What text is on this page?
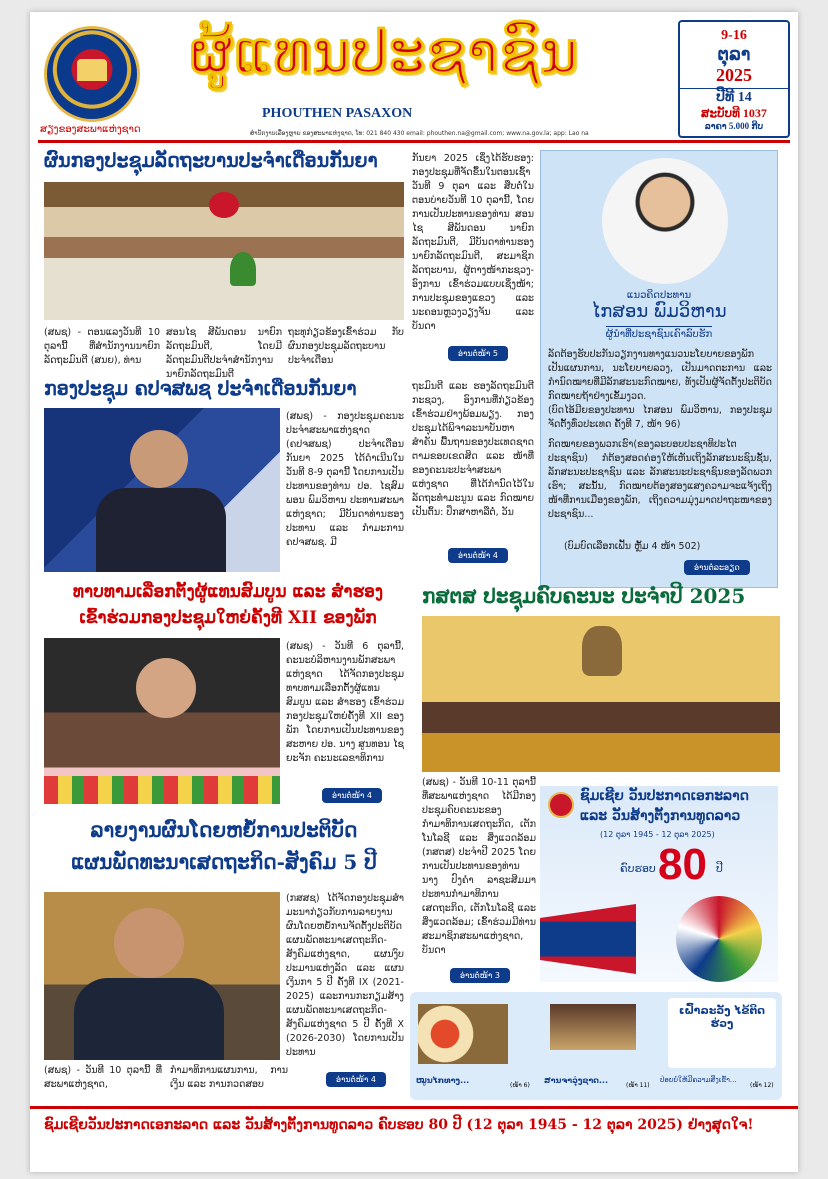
ສຽງຂອງສະພາແຫ່ງຊາດ
ຜູ້ແທນປະຊາຊົນ
PHOUTHEN PASAXON
ສຳນັກງານເລື່ອງຫຼາຍ ຂອງສະພາແຫ່ງຊາດ, ໂທ: 021 840 430 email: phouthen.na@gmail.com; www.na.gov.la; app: Lao na
9-16
ຕຸລາ
2025
ປີທີ 14
ສະບັບທີ 1037
ລາຄາ 5.000 ກີບ
ຜົນກອງປະຊຸມລັດຖະບານປະຈຳເດືອນກັນຍາ
(ສພຊ) - ຕອນແລງວັນທີ 10 ຕຸລານີ້ ທີ່ສຳນັກງານນາຍົກລັດຖະມົນຕີ (ສນຍ), ທ່ານ
ສອນໄຊ ສີພັນດອນ ນາຍົກລັດຖະມົນຕີ, ໂດຍມີລັດຖະມົນຕີປະຈຳສຳນັກງານນາຍົກລັດຖະມົນຕີ
ຖະທຸກ່ຽວຂ້ອງເຂົ້າຮ່ວມ ກັບຜົນກອງປະຊຸມລັດຖະບານ ປະຈຳເດືອນ
ກັນຍາ 2025 ເຊິ່ງໄດ້ຮັບຮອງ: ກອງປະຊຸມທີ່ຈັດຂຶ້ນໃນຕອນເຊົ້າວັນທີ 9 ຕຸລາ ແລະ ສືບຕໍ່ໃນຕອນບ່າຍວັນທີ 10 ຕຸລານີ້, ໂດຍການເປັນປະທານຂອງທ່ານ ສອນໄຊ ສີພັນດອນ ນາຍົກລັດຖະມົນຕີ, ມີບັນດາທ່ານຮອງນາຍົກລັດຖະມົນຕີ, ສະມາຊິກລັດຖະບານ, ຜູ້ຕາງໜ້າກະຊວງ-ອົງການ ເຂົ້າຮ່ວມແບບເຊິ່ງໜ້າ; ການປະຊຸມຂອງແຂວງ ແລະ ນະຄອນຫຼວງວຽງຈັນ ແລະ ບັນດາ
ອ່ານຕໍ່ໜ້າ 5
ກອງປະຊຸມ ຄປຈສພຊ ປະຈຳເດືອນກັນຍາ
(ສພຊ) - ກອງປະຊຸມຄະນະປະຈຳສະພາແຫ່ງຊາດ (ຄປຈສພຊ) ປະຈຳເດືອນກັນຍາ 2025 ໄດ້ດຳເນີນໃນວັນທີ 8-9 ຕຸລານີ້ ໂດຍການເປັນປະທານຂອງທ່ານ ປອ. ໄຊສົມພອນ ພົມວິຫານ ປະທານສະພາແຫ່ງຊາດ; ມີບັນດາທ່ານຮອງປະທານ ແລະ ກຳມະການ ຄປຈສພຊ. ມີ
ຖະມົນຕີ ແລະ ຮອງລັດຖະມົນຕີກະຊວງ, ອົງການທີ່ກ່ຽວຂ້ອງ ເຂົ້າຮ່ວມຢ່າງພ້ອມພຽງ. ກອງປະຊຸມໄດ້ພິຈາລະນາບັນຫາສຳຄັນ ພື້ນຖານຂອງປະເທດຊາດຕາມຂອບເຂດສິດ ແລະ ໜ້າທີ່ຂອງຄະນະປະຈຳສະພາແຫ່ງຊາດ ທີ່ໄດ້ກຳນົດໄວ້ໃນລັດຖະທຳມະນູນ ແລະ ກົດໝາຍເປັນຕົ້ນ: ປຶກສາຫາລືຕໍ່, ວັນ
ອ່ານຕໍ່ໜ້າ 4
ແນວຄິດປະທານ
ໄກສອນ ພົມວິຫານ
ຜູ້ນຳທີ່ປະຊາຊົນເຄົາລົບຮັກ
ລັດຕ້ອງຮັບປະກັນວຽກງານທາງແນວນະໂຍບາຍຂອງພັກ ເປັນແຜນການ, ນະໂຍບາຍລວງ, ເປັນມາດຕະການ ແລະ ກຳນົດໝາຍທີ່ມີລັກສະນະກົດໝາຍ, ທັງເປັນຜູ້ຈັດຕັ້ງປະຕິບັດກົດໝາຍຖ້າຢ່າງເຂັ້ມງວດ.
(ບົດໄອ້ມີຍຂອງປະທານ ໄກສອນ ພົມວິຫານ, ກອງປະຊຸມຈັດຕັ້ງທົ່ວປະເທດ ຄັ້ງທີ 7, ໜ້າ 96)
ກົດໝາຍຂອງພວກເຮົາ(ຂອງລະບອບປະຊາທິປະໄຕປະຊາຊົນ) ກໍຕ້ອງສອດຄ່ອງໃຫ້ເຫັນເຖິງລັກສະນະຊົນຊັ້ນ, ລັກສະນະປະຊາຊົນ ແລະ ລັກສະນະປະຊາຊົນຂອງລັດພວກເຮົາ; ສະນັ້ນ, ກົດໝາຍຕ້ອງສອງແສງຄວາມຈະແຈ້ງເຖິງໜ້າທີ່ການເມືອງຂອງພັກ, ເຖິງຄວາມມຸ່ງມາດປາຖະໜາຂອງປະຊາຊົນ...
(ບົມບົດເລືອກເຟັ້ນ ຫຼັ້ມ 4 ໜ້າ 502)
ອ່ານຕໍ່ລະອຽດ
ທາບທາມເລືອກຕັ້ງຜູ້ແທນສົມບູນ ແລະ ສຳຮອງ
ເຂົ້າຮ່ວມກອງປະຊຸມໃຫຍ່ຄັ້ງທີ XII ຂອງພັກ
(ສພຊ) - ວັນທີ 6 ຕຸລານີ້, ຄະນະບໍລິຫານງານພັກສະພາແຫ່ງຊາດ ໄດ້ຈັດກອງປະຊຸມທາບທາມເລືອກຕັ້ງຜູ້ແທນສົມບູນ ແລະ ສຳຮອງ ເຂົ້າຮ່ວມກອງປະຊຸມໃຫຍ່ຄັ້ງທີ XII ຂອງພັກ ໂດຍການເປັນປະທານຂອງສະຫາຍ ປອ. ນາງ ສູນທອນ ໄຊຍະຈັກ ຄະນະເລຂາທິການ
ອ່ານຕໍ່ໜ້າ 4
ລາຍງານຜົນໂດຍຫຍໍ້ການປະຕິບັດ
ແຜນພັດທະນາເສດຖະກິດ-ສັງຄົມ 5 ປີ
(ກສສຊ) ໄດ້ຈັດກອງປະຊຸມສຳມະນາກ່ຽວກັບການລາຍງານຜົນໂດຍຫຍໍ້ການຈັດຕັ້ງປະຕິບັດແຜນພັດທະນາເສດຖະກິດ-ສັງຄົມແຫ່ງຊາດ, ແຜນງົບປະມານແຫ່ງລັດ ແລະ ແຜນເງິນກາ 5 ປີ ຄັ້ງທີ IX (2021-2025) ແລະການກະກຽມສ້າງແຜນພັດທະນາເສດຖະກິດ-ສັງຄົມແຫ່ງຊາດ 5 ປີ ຄັ້ງທີ X (2026-2030) ໂດຍການເປັນປະທານ
(ສພຊ) - ວັນທີ 10 ຕຸລານີ້ ທີ່ສະພາແຫ່ງຊາດ,
ກຳມາທິການແຜນການ, ການເງິນ ແລະ ການກວດສອບ	ອ່ານຕໍ່ໜ້າ 4
ກສຕສ ປະຊຸມຄົບຄະນະ ປະຈຳປີ 2025
(ສພຊ) - ວັນທີ 10-11 ຕຸລານີ້ ທີ່ສະພາແຫ່ງຊາດ ໄດ້ມີກອງປະຊຸມຄົບຄະນະຂອງກຳມາທິການເສດຖະກິດ, ເຕັກໂນໂລຊີ ແລະ ສິ່ງແວດລ້ອມ (ກສຕສ) ປະຈຳປີ 2025 ໂດຍການເປັນປະທານຂອງທ່ານ ນາງ ປົງຄຳ ລາຊະສີມມາ ປະທານກຳມາທິການເສດຖະກິດ, ເຕັກໂນໂລຊີ ແລະ ສິ່ງແວດລ້ອມ; ເຂົ້າຮ່ວມມີທ່ານ ສະມາຊິກສະພາແຫ່ງຊາດ, ບັນດາ
ອ່ານຕໍ່ໜ້າ 3
ຊົມເຊີຍ ວັນປະກາດເອກະລາດ
ແລະ ວັນສ້າງຕັ້ງການທູດລາວ
(12 ຕຸລາ 1945 - 12 ຕຸລາ 2025)
ຄົບຮອບ 80 ປີ
ເຝົ້າລະວັງ ໄຂ້ຕິດຮ່ວງ
ໝູນໄກທາງ...
(ໜ້າ 6)
ສານຈາວຸ່ງຊາດ...
(ໜ້າ 11)
ປ່ອຍບໍ່ໃຫ້ມີຄວາມສິ່ງເຂົ້າ...
(ໜ້າ 12)
ຊົມເຊີຍວັນປະກາດເອກະລາດ ແລະ ວັນສ້າງຕັ້ງການທູດລາວ ຄົບຮອບ 80 ປີ (12 ຕຸລາ 1945 - 12 ຕຸລາ 2025) ຢ່າງສຸດໃຈ!
